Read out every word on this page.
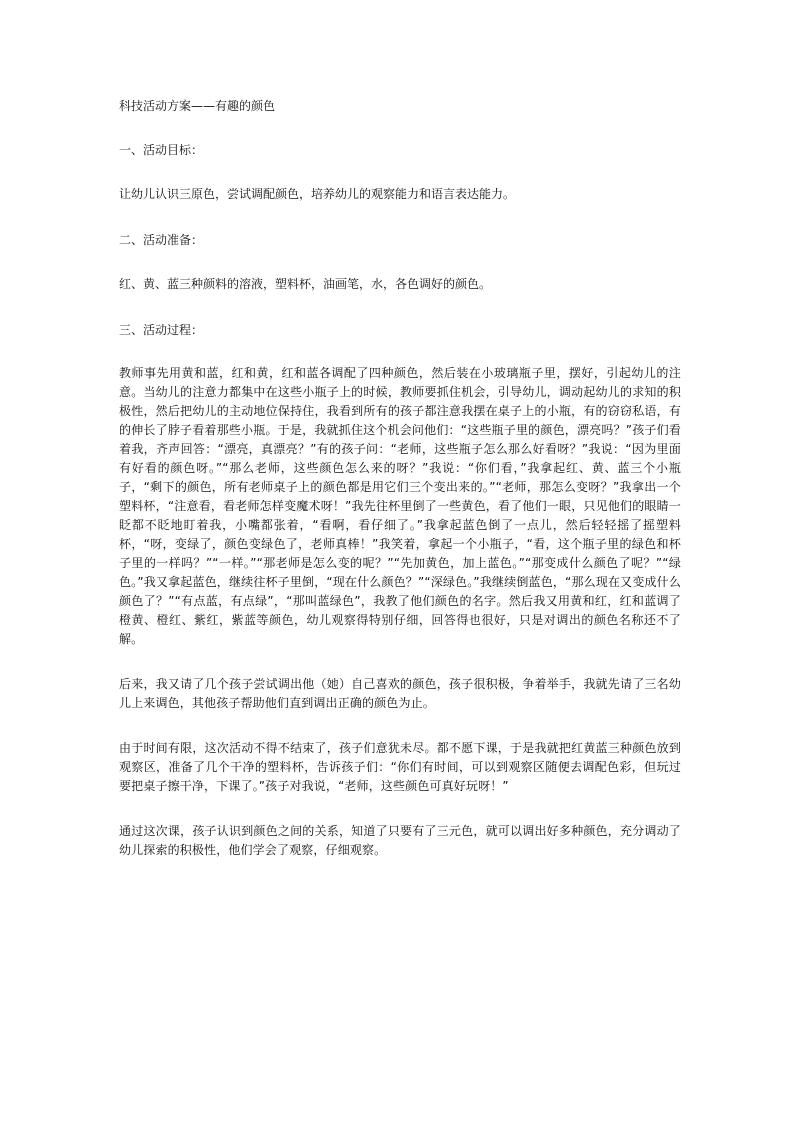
科技活动方案——有趣的颜色

一、活动目标：

让幼儿认识三原色，尝试调配颜色，培养幼儿的观察能力和语言表达能力。

二、活动准备：

红、黄、蓝三种颜料的溶液，塑料杯，油画笔，水，各色调好的颜色。

三、活动过程：

教师事先用黄和蓝，红和黄，红和蓝各调配了四种颜色，然后装在小玻璃瓶子里，摆好，引起幼儿的注意。当幼儿的注意力都集中在这些小瓶子上的时候，教师要抓住机会，引导幼儿，调动起幼儿的求知的积极性，然后把幼儿的主动地位保持住，我看到所有的孩子都注意我摆在桌子上的小瓶，有的窃窃私语，有的伸长了脖子看着那些小瓶。于是，我就抓住这个机会问他们：“这些瓶子里的颜色，漂亮吗？”孩子们看着我，齐声回答：“漂亮，真漂亮？”有的孩子问：“老师，这些瓶子怎么那么好看呀？”我说：“因为里面有好看的颜色呀。”“那么老师，这些颜色怎么来的呀？”我说：“你们看，”我拿起红、黄、蓝三个小瓶子，“剩下的颜色，所有老师桌子上的颜色都是用它们三个变出来的。”“老师，那怎么变呀？”我拿出一个塑料杯，“注意看，看老师怎样变魔术呀！”我先往杯里倒了一些黄色，看了他们一眼，只见他们的眼睛一眨都不眨地盯着我，小嘴都张着，“看啊，看仔细了。”我拿起蓝色倒了一点儿，然后轻轻摇了摇塑料杯，“呀，变绿了，颜色变绿色了，老师真棒！”我笑着，拿起一个小瓶子，“看，这个瓶子里的绿色和杯子里的一样吗？”“一样。”“那老师是怎么变的呢？”“先加黄色，加上蓝色。”“那变成什么颜色了呢？”“绿色。”我又拿起蓝色，继续往杯子里倒，“现在什么颜色？”“深绿色。”我继续倒蓝色，“那么现在又变成什么颜色了？”“有点蓝，有点绿”，“那叫蓝绿色”，我教了他们颜色的名字。然后我又用黄和红，红和蓝调了橙黄、橙红、紫红，紫蓝等颜色，幼儿观察得特别仔细，回答得也很好，只是对调出的颜色名称还不了解。

后来，我又请了几个孩子尝试调出他（她）自己喜欢的颜色，孩子很积极，争着举手，我就先请了三名幼儿上来调色，其他孩子帮助他们直到调出正确的颜色为止。

由于时间有限，这次活动不得不结束了，孩子们意犹未尽。都不愿下课，于是我就把红黄蓝三种颜色放到观察区，准备了几个干净的塑料杯，告诉孩子们：“你们有时间，可以到观察区随便去调配色彩，但玩过要把桌子擦干净，下课了。”孩子对我说，“老师，这些颜色可真好玩呀！”

通过这次课，孩子认识到颜色之间的关系，知道了只要有了三元色，就可以调出好多种颜色，充分调动了幼儿探索的积极性，他们学会了观察，仔细观察。
